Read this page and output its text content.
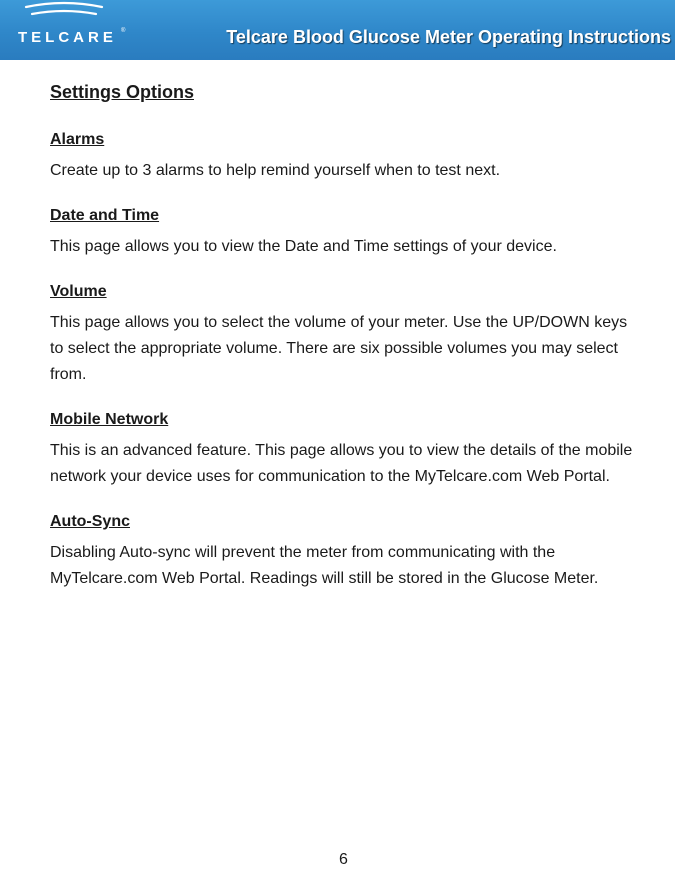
TELCARE ®	Telcare Blood Glucose Meter Operating Instructions
Settings Options
Alarms

Create up to 3 alarms to help remind yourself when to test next.

Date and Time

This page allows you to view the Date and Time settings of your device.

Volume

This page allows you to select the volume of your meter. Use the UP/DOWN keys to select the appropriate volume. There are six possible volumes you may select from.

Mobile Network

This is an advanced feature. This page allows you to view the details of the mobile network your device uses for communication to the MyTelcare.com Web Portal.

Auto-Sync

Disabling Auto-sync will prevent the meter from communicating with the MyTelcare.com Web Portal. Readings will still be stored in the Glucose Meter.

6
